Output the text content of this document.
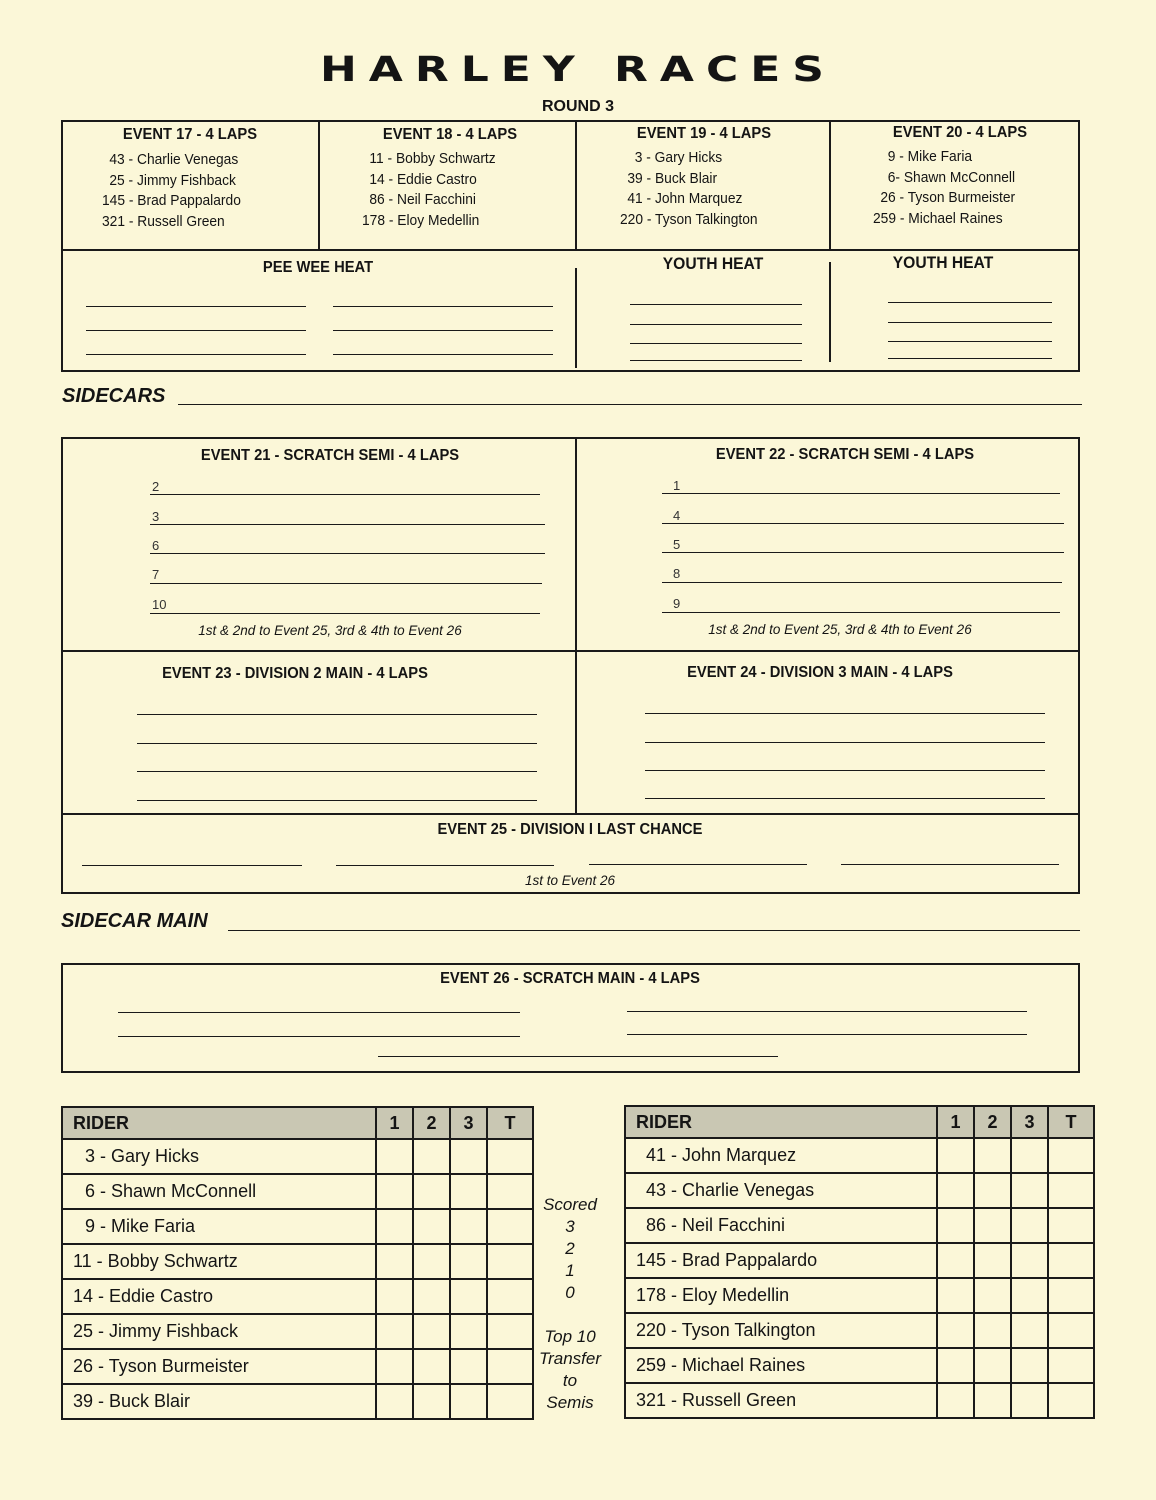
HARLEY RACES
ROUND 3
EVENT 17 - 4 LAPS
43 - Charlie Venegas
25 - Jimmy Fishback
145 - Brad Pappalardo
321 - Russell Green
EVENT 18 - 4 LAPS
11 - Bobby Schwartz
14 - Eddie Castro
86 - Neil Facchini
178 - Eloy Medellin
EVENT 19 - 4 LAPS
3 - Gary Hicks
39 - Buck Blair
41 - John Marquez
220 - Tyson Talkington
EVENT 20 - 4 LAPS
9 - Mike Faria
6- Shawn McConnell
26 - Tyson Burmeister
259 - Michael Raines
PEE WEE HEAT	YOUTH HEAT	YOUTH HEAT
SIDECARS
EVENT 21 - SCRATCH SEMI - 4 LAPS
2
3
6
7
10
1st & 2nd to Event 25, 3rd & 4th to Event 26
EVENT 22 - SCRATCH SEMI - 4 LAPS
1
4
5
8
9
1st & 2nd to Event 25, 3rd & 4th to Event 26
EVENT 23 - DIVISION 2 MAIN - 4 LAPS	EVENT 24 - DIVISION 3 MAIN - 4 LAPS
EVENT 25 - DIVISION I LAST CHANCE
1st to Event 26
SIDECAR MAIN
EVENT 26 - SCRATCH MAIN - 4 LAPS
RIDER	1	2	3	T
3 - Gary Hicks				
6 - Shawn McConnell				
9 - Mike Faria				
11 - Bobby Schwartz				
14 - Eddie Castro				
25 - Jimmy Fishback				
26 - Tyson Burmeister				
39 - Buck Blair				
Scored
3
2
1
0
Top 10
Transfer
to
Semis
RIDER	1	2	3	T
41 - John Marquez				
43 - Charlie Venegas				
86 - Neil Facchini				
145 - Brad Pappalardo				
178 - Eloy Medellin				
220 - Tyson Talkington				
259 - Michael Raines				
321 - Russell Green				
